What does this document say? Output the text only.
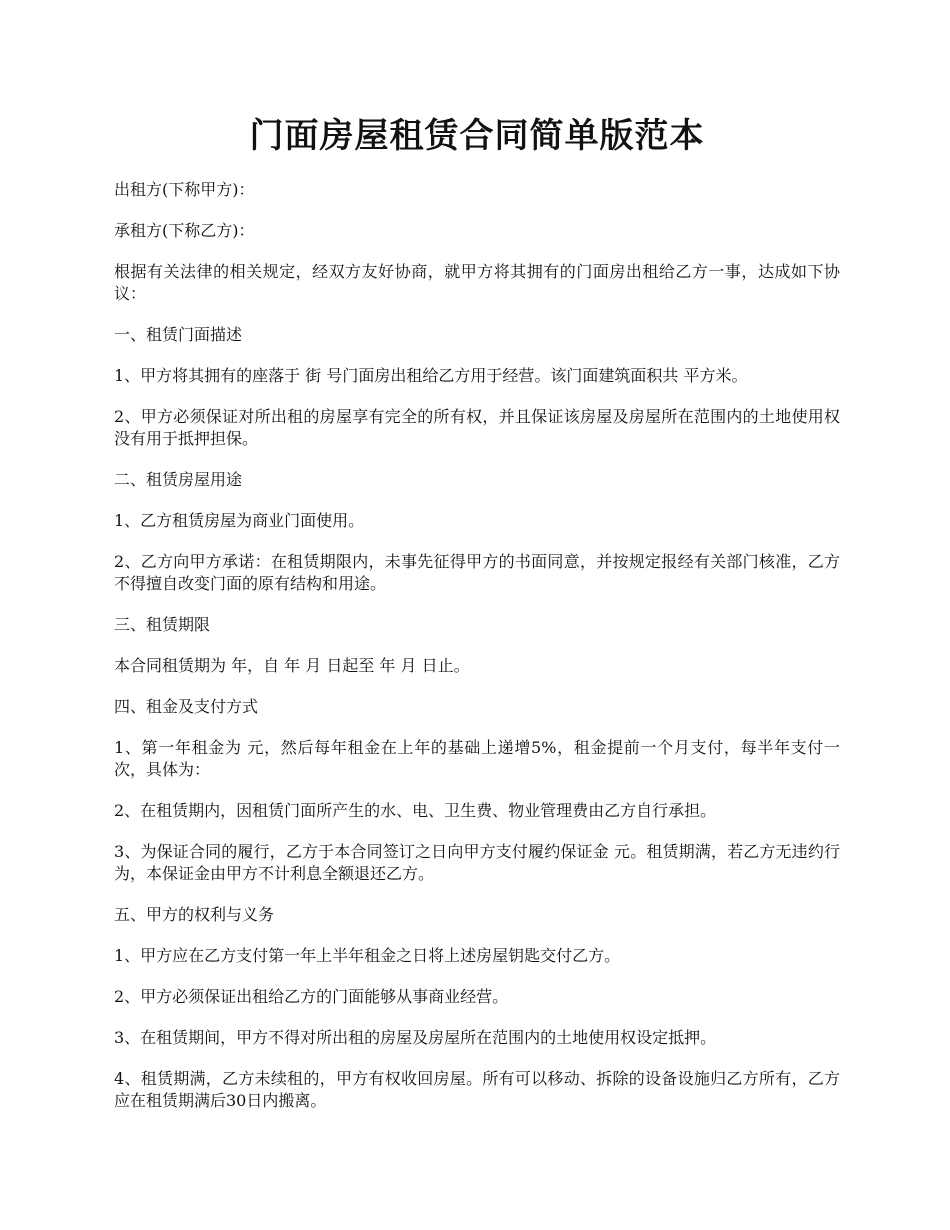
门面房屋租赁合同简单版范本

出租方(下称甲方)：

承租方(下称乙方)：

根据有关法律的相关规定，经双方友好协商，就甲方将其拥有的门面房出租给乙方一事，达成如下协议：

一、租赁门面描述

1、甲方将其拥有的座落于 街 号门面房出租给乙方用于经营。该门面建筑面积共 平方米。

2、甲方必须保证对所出租的房屋享有完全的所有权，并且保证该房屋及房屋所在范围内的土地使用权没有用于抵押担保。

二、租赁房屋用途

1、乙方租赁房屋为商业门面使用。

2、乙方向甲方承诺：在租赁期限内，未事先征得甲方的书面同意，并按规定报经有关部门核准，乙方不得擅自改变门面的原有结构和用途。

三、租赁期限

本合同租赁期为 年，自 年 月 日起至 年 月 日止。

四、租金及支付方式

1、第一年租金为 元，然后每年租金在上年的基础上递增5%，租金提前一个月支付，每半年支付一次，具体为：

2、在租赁期内，因租赁门面所产生的水、电、卫生费、物业管理费由乙方自行承担。

3、为保证合同的履行，乙方于本合同签订之日向甲方支付履约保证金 元。租赁期满，若乙方无违约行为，本保证金由甲方不计利息全额退还乙方。

五、甲方的权利与义务

1、甲方应在乙方支付第一年上半年租金之日将上述房屋钥匙交付乙方。

2、甲方必须保证出租给乙方的门面能够从事商业经营。

3、在租赁期间，甲方不得对所出租的房屋及房屋所在范围内的土地使用权设定抵押。

4、租赁期满，乙方未续租的，甲方有权收回房屋。所有可以移动、拆除的设备设施归乙方所有，乙方应在租赁期满后30日内搬离。
